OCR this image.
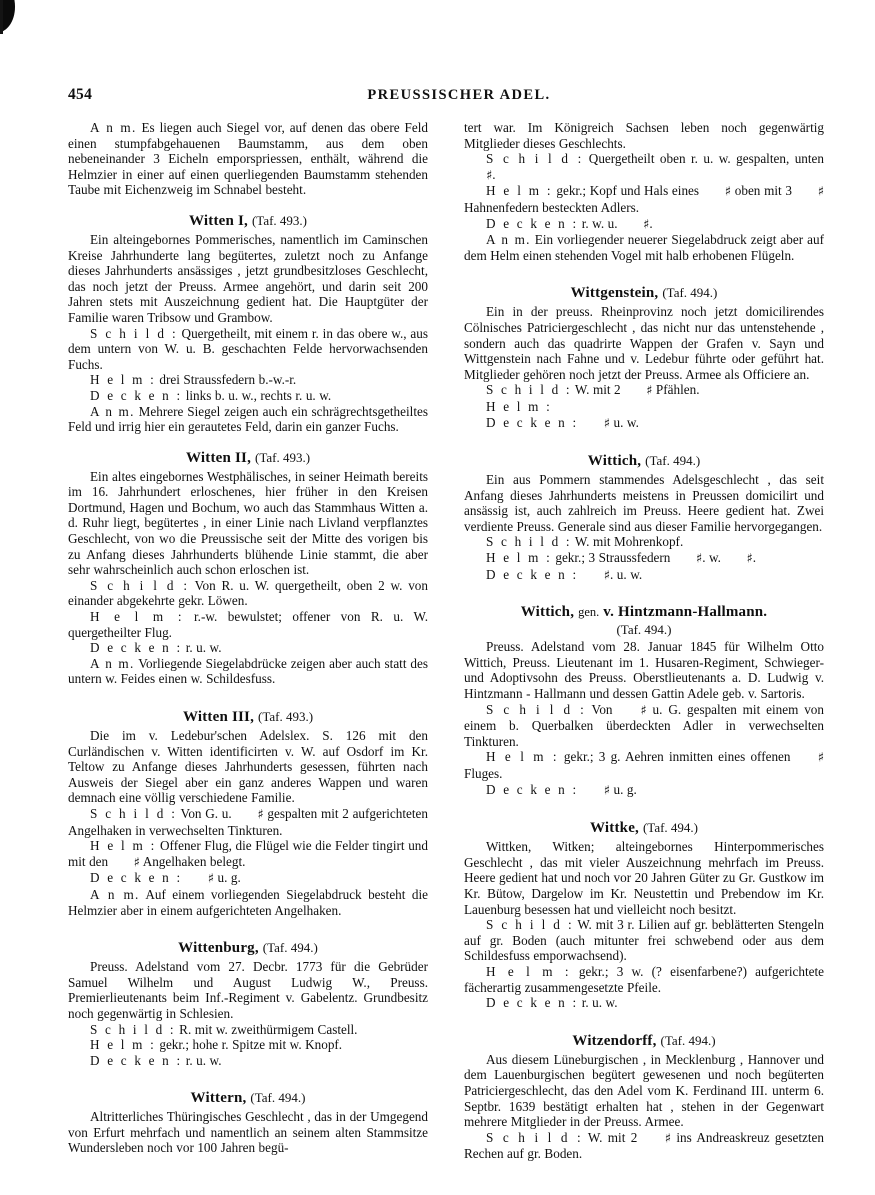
454	PREUSSISCHER ADEL.

A n m. Es liegen auch Siegel vor, auf denen das obere Feld einen stumpfabgehauenen Baumstamm, aus dem oben nebeneinander 3 Eicheln emporspriessen, enthält, während die Helmzier in einer auf einen querliegenden Baumstamm stehenden Taube mit Eichenzweig im Schnabel besteht.

Witten I, (Taf. 493.)

Ein alteingebornes Pommerisches, namentlich im Caminschen Kreise Jahrhunderte lang begütertes, zuletzt noch zu Anfange dieses Jahrhunderts ansässiges , jetzt grundbesitzloses Geschlecht, das noch jetzt der Preuss. Armee angehört, und darin seit 200 Jahren stets mit Auszeichnung gedient hat. Die Hauptgüter der Familie waren Tribsow und Grambow.

S c h i l d : Quergetheilt, mit einem r. in das obere w., aus dem untern von W. u. B. geschachten Felde hervorwachsenden Fuchs.

H e l m : drei Straussfedern b.-w.-r.

D e c k e n : links b. u. w., rechts r. u. w.

A n m. Mehrere Siegel zeigen auch ein schrägrechtsgetheiltes Feld und irrig hier ein gerautetes Feld, darin ein ganzer Fuchs.

Witten II, (Taf. 493.)

Ein altes eingebornes Westphälisches, in seiner Heimath bereits im 16. Jahrhundert erloschenes, hier früher in den Kreisen Dortmund, Hagen und Bochum, wo auch das Stammhaus Witten a. d. Ruhr liegt, begütertes , in einer Linie nach Livland verpflanztes Geschlecht, von wo die Preussische seit der Mitte des vorigen bis zu Anfang dieses Jahrhunderts blühende Linie stammt, die aber sehr wahrscheinlich auch schon erloschen ist.

S c h i l d : Von R. u. W. quergetheilt, oben 2 w. von einander abgekehrte gekr. Löwen.

H e l m : r.-w. bewulstet; offener von R. u. W. quergetheilter Flug.

D e c k e n : r. u. w.

A n m. Vorliegende Siegelabdrücke zeigen aber auch statt des untern w. Feides einen w. Schildesfuss.

Witten III, (Taf. 493.)

Die im v. Ledebur'schen Adelslex. S. 126 mit den Curländischen v. Witten identificirten v. W. auf Osdorf im Kr. Teltow zu Anfange dieses Jahrhunderts gesessen, führten nach Ausweis der Siegel aber ein ganz anderes Wappen und waren demnach eine völlig verschiedene Familie.

S c h i l d : Von G. u. ♯ gespalten mit 2 aufgerichteten Angelhaken in verwechselten Tinkturen.

H e l m : Offener Flug, die Flügel wie die Felder tingirt und mit den ♯ Angelhaken belegt.

D e c k e n : ♯ u. g.

A n m. Auf einem vorliegenden Siegelabdruck besteht die Helmzier aber in einem aufgerichteten Angelhaken.

Wittenburg, (Taf. 494.)

Preuss. Adelstand vom 27. Decbr. 1773 für die Gebrüder Samuel Wilhelm und August Ludwig W., Preuss. Premierlieutenants beim Inf.-Regiment v. Gabelentz. Grundbesitz noch gegenwärtig in Schlesien.

S c h i l d : R. mit w. zweithürmigem Castell.

H e l m : gekr.; hohe r. Spitze mit w. Knopf.

D e c k e n : r. u. w.

Wittern, (Taf. 494.)

Altritterliches Thüringisches Geschlecht , das in der Umgegend von Erfurt mehrfach und namentlich an seinem alten Stammsitze Wundersleben noch vor 100 Jahren begü-

tert war. Im Königreich Sachsen leben noch gegenwärtig Mitglieder dieses Geschlechts.

S c h i l d : Quergetheilt oben r. u. w. gespalten, unten ♯.

H e l m : gekr.; Kopf und Hals eines ♯ oben mit 3 ♯ Hahnenfedern besteckten Adlers.

D e c k e n : r. w. u. ♯.

A n m. Ein vorliegender neuerer Siegelabdruck zeigt aber auf dem Helm einen stehenden Vogel mit halb erhobenen Flügeln.

Wittgenstein, (Taf. 494.)

Ein in der preuss. Rheinprovinz noch jetzt domicilirendes Cölnisches Patriciergeschlecht , das nicht nur das untenstehende , sondern auch das quadrirte Wappen der Grafen v. Sayn und Wittgenstein nach Fahne und v. Ledebur führte oder geführt hat. Mitglieder gehören noch jetzt der Preuss. Armee als Officiere an.

S c h i l d : W. mit 2 ♯ Pfählen.

H e l m :

D e c k e n : ♯ u. w.

Wittich, (Taf. 494.)

Ein aus Pommern stammendes Adelsgeschlecht , das seit Anfang dieses Jahrhunderts meistens in Preussen domicilirt und ansässig ist, auch zahlreich im Preuss. Heere gedient hat. Zwei verdiente Preuss. Generale sind aus dieser Familie hervorgegangen.

S c h i l d : W. mit Mohrenkopf.

H e l m : gekr.; 3 Straussfedern ♯. w. ♯.

D e c k e n : ♯. u. w.

Wittich, gen. v. Hintzmann-Hallmann.
(Taf. 494.)

Preuss. Adelstand vom 28. Januar 1845 für Wilhelm Otto Wittich, Preuss. Lieutenant im 1. Husaren-Regiment, Schwieger- und Adoptivsohn des Preuss. Oberstlieutenants a. D. Ludwig v. Hintzmann - Hallmann und dessen Gattin Adele geb. v. Sartoris.

S c h i l d : Von ♯ u. G. gespalten mit einem von einem b. Querbalken überdeckten Adler in verwechselten Tinkturen.

H e l m : gekr.; 3 g. Aehren inmitten eines offenen ♯ Fluges.

D e c k e n : ♯ u. g.

Wittke, (Taf. 494.)

Wittken, Witken; alteingebornes Hinterpommerisches Geschlecht , das mit vieler Auszeichnung mehrfach im Preuss. Heere gedient hat und noch vor 20 Jahren Güter zu Gr. Gustkow im Kr. Bütow, Dargelow im Kr. Neustettin und Prebendow im Kr. Lauenburg besessen hat und vielleicht noch besitzt.

S c h i l d : W. mit 3 r. Lilien auf gr. beblätterten Stengeln auf gr. Boden (auch mitunter frei schwebend oder aus dem Schildesfuss emporwachsend).

H e l m : gekr.; 3 w. (? eisenfarbene?) aufgerichtete fächerartig zusammengesetzte Pfeile.

D e c k e n : r. u. w.

Witzendorff, (Taf. 494.)

Aus diesem Lüneburgischen , in Mecklenburg , Hannover und dem Lauenburgischen begütert gewesenen und noch begüterten Patriciergeschlecht, das den Adel vom K. Ferdinand III. unterm 6. Septbr. 1639 bestätigt erhalten hat , stehen in der Gegenwart mehrere Mitglieder in der Preuss. Armee.

S c h i l d : W. mit 2 ♯ ins Andreaskreuz gesetzten Rechen auf gr. Boden.
